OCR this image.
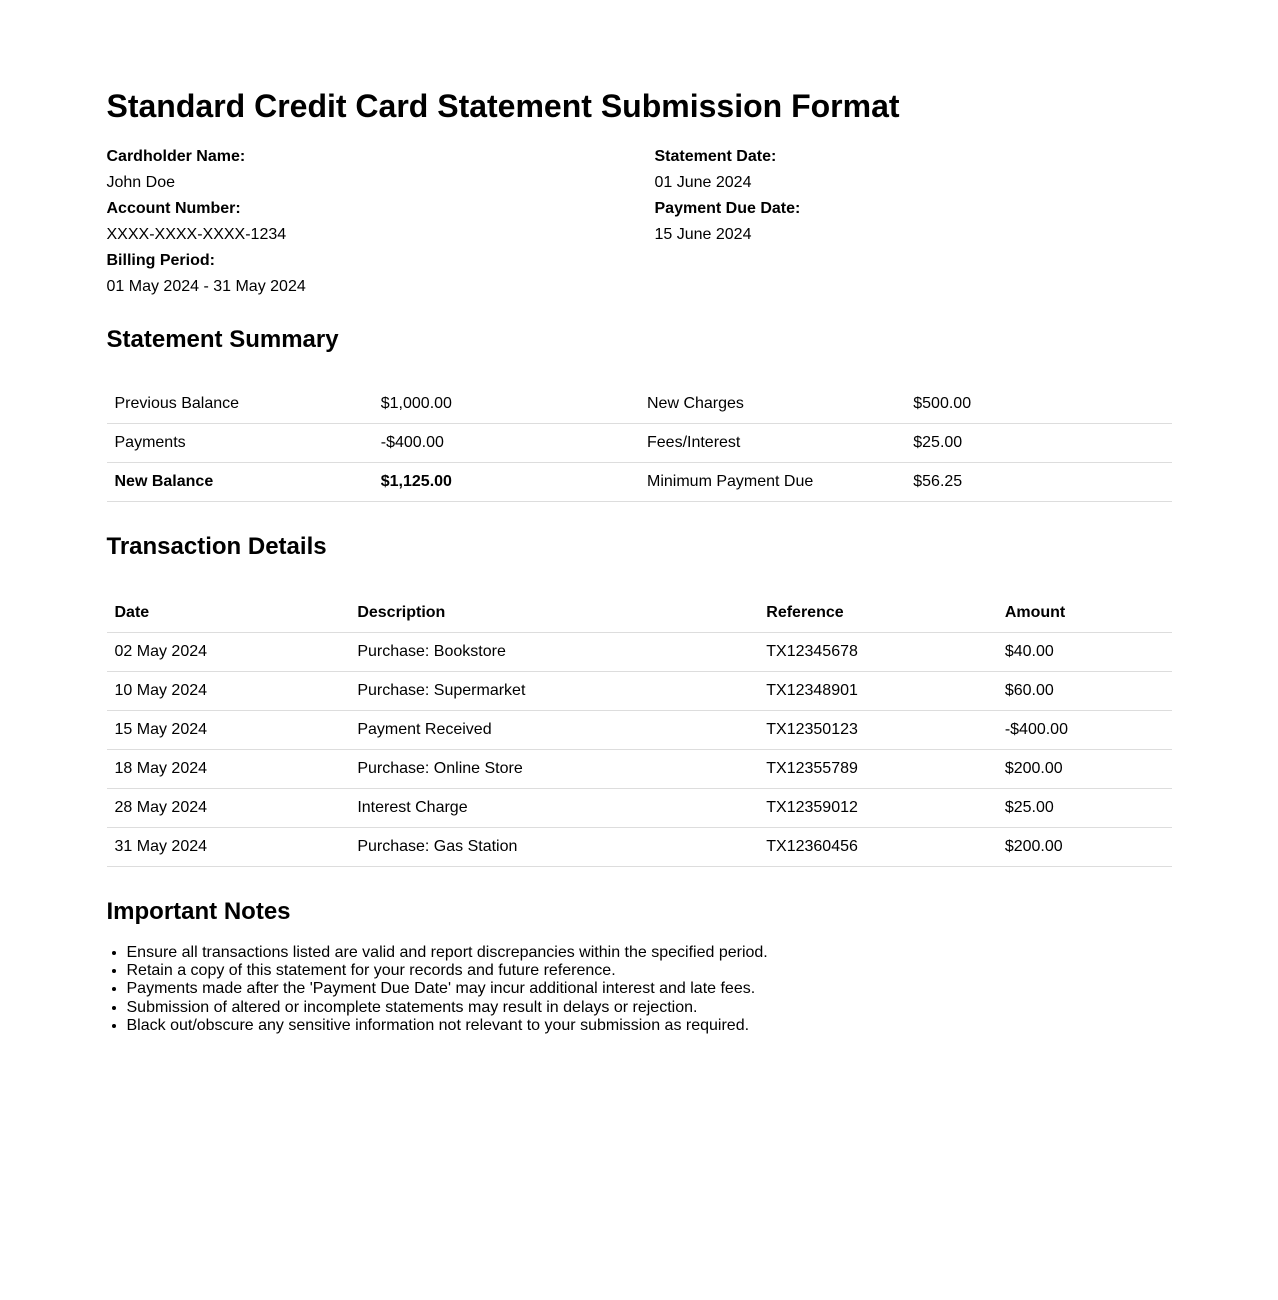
Standard Credit Card Statement Submission Format
Cardholder Name:
John Doe
Account Number:
XXXX-XXXX-XXXX-1234
Billing Period:
01 May 2024 - 31 May 2024
Statement Date:
01 June 2024
Payment Due Date:
15 June 2024
Statement Summary
Previous Balance	$1,000.00	New Charges	$500.00
Payments	-$400.00	Fees/Interest	$25.00
New Balance	$1,125.00	Minimum Payment Due	$56.25
Transaction Details
Date	Description	Reference	Amount
02 May 2024	Purchase: Bookstore	TX12345678	$40.00
10 May 2024	Purchase: Supermarket	TX12348901	$60.00
15 May 2024	Payment Received	TX12350123	-$400.00
18 May 2024	Purchase: Online Store	TX12355789	$200.00
28 May 2024	Interest Charge	TX12359012	$25.00
31 May 2024	Purchase: Gas Station	TX12360456	$200.00
Important Notes
• Ensure all transactions listed are valid and report discrepancies within the specified period.
• Retain a copy of this statement for your records and future reference.
• Payments made after the 'Payment Due Date' may incur additional interest and late fees.
• Submission of altered or incomplete statements may result in delays or rejection.
• Black out/obscure any sensitive information not relevant to your submission as required.
